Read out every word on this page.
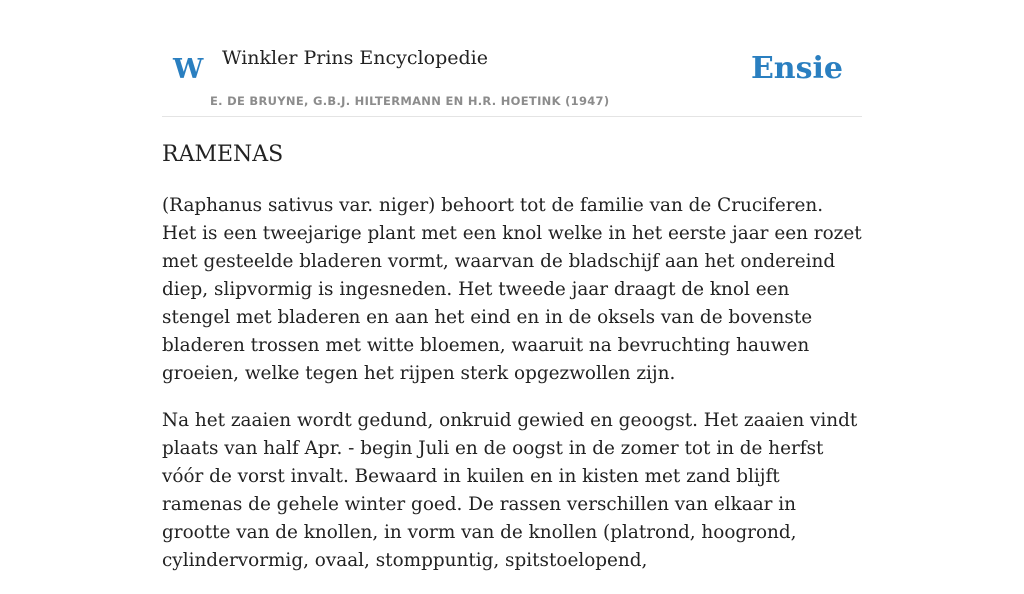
W Winkler Prins Encyclopedie
E. DE BRUYNE, G.B.J. HILTERMANN EN H.R. HOETINK (1947)
Ensie
RAMENAS

(Raphanus sativus var. niger) behoort tot de familie van de Cruciferen. Het is een tweejarige plant met een knol welke in het eerste jaar een rozet met gesteelde bladeren vormt, waarvan de bladschijf aan het ondereind diep, slipvormig is ingesneden. Het tweede jaar draagt de knol een stengel met bladeren en aan het eind en in de oksels van de bovenste bladeren trossen met witte bloemen, waaruit na bevruchting hauwen groeien, welke tegen het rijpen sterk opgezwollen zijn.

Na het zaaien wordt gedund, onkruid gewied en geoogst. Het zaaien vindt plaats van half Apr. - begin Juli en de oogst in de zomer tot in de herfst vóór de vorst invalt. Bewaard in kuilen en in kisten met zand blijft ramenas de gehele winter goed. De rassen verschillen van elkaar in grootte van de knollen, in vorm van de knollen (platrond, hoogrond, cylindervormig, ovaal, stomppuntig, spitstoelopend,
